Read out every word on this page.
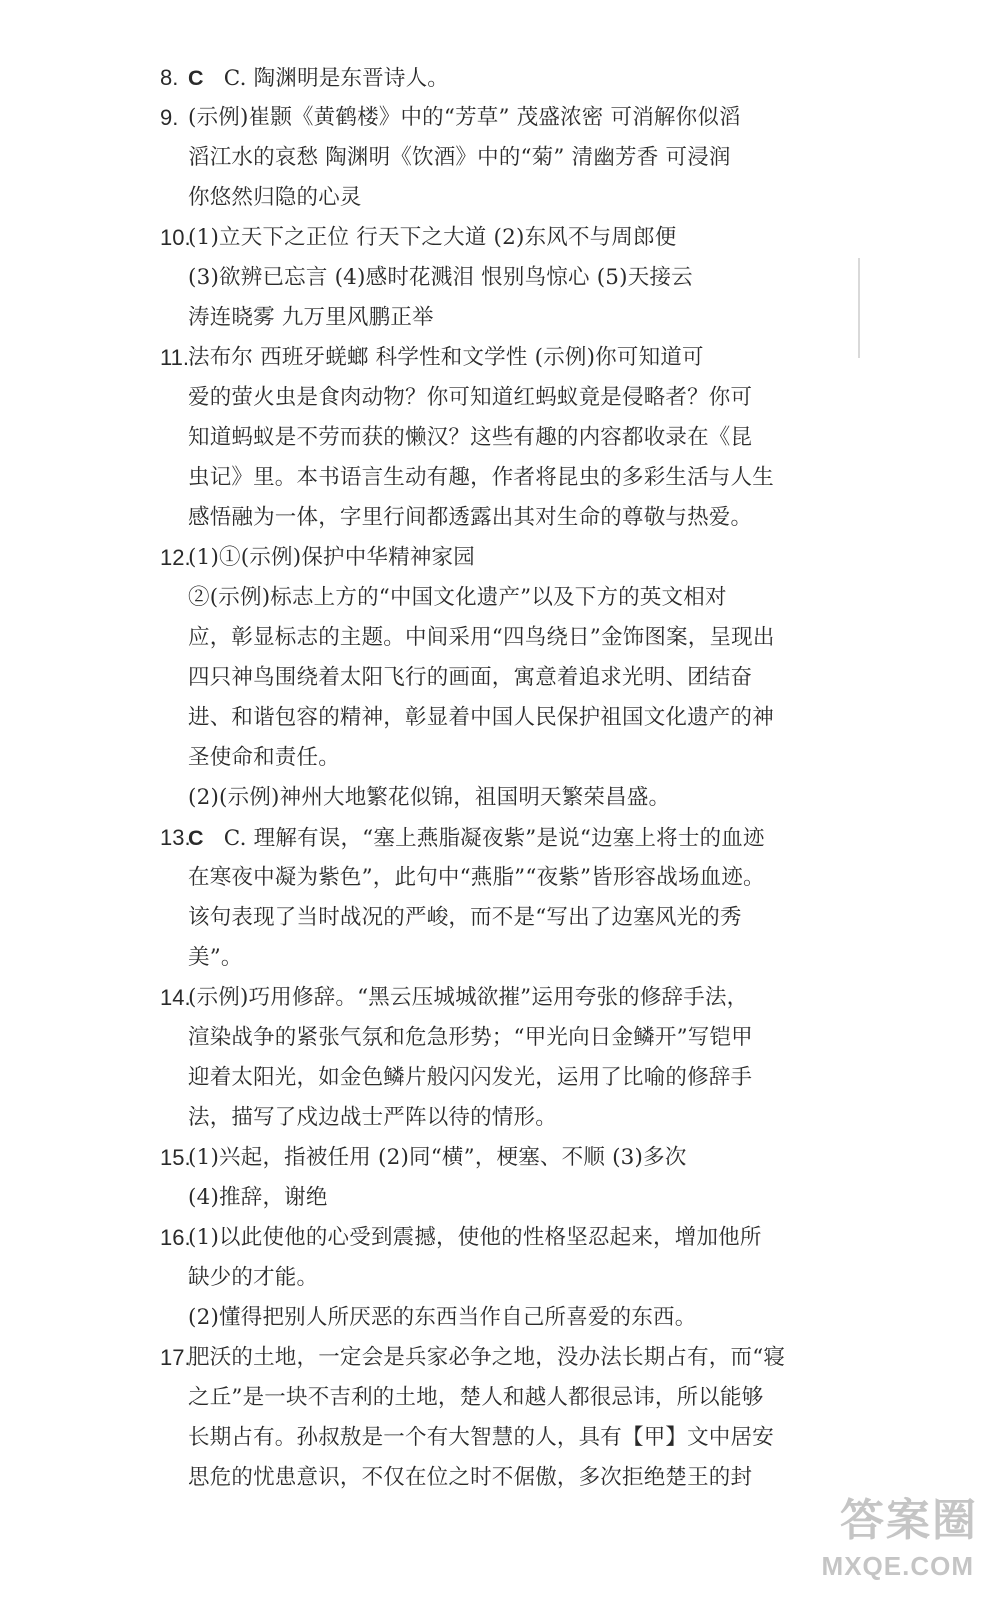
8. C C. 陶渊明是东晋诗人。
9. (示例)崔颢《黄鹤楼》中的“芳草” 茂盛浓密 可消解你似滔
滔江水的哀愁 陶渊明《饮酒》中的“菊” 清幽芳香 可浸润
你悠然归隐的心灵
10.
(1)立天下之正位 行天下之大道 (2)东风不与周郎便
(3)欲辨已忘言 (4)感时花溅泪 恨别鸟惊心 (5)天接云
涛连晓雾 九万里风鹏正举
11. 法布尔 西班牙蜣螂 科学性和文学性 (示例)你可知道可
爱的萤火虫是食肉动物？你可知道红蚂蚁竟是侵略者？你可
知道蚂蚁是不劳而获的懒汉？这些有趣的内容都收录在《昆
虫记》里。本书语言生动有趣，作者将昆虫的多彩生活与人生
感悟融为一体，字里行间都透露出其对生命的尊敬与热爱。
12.
(1)①(示例)保护中华精神家园
②(示例)标志上方的“中国文化遗产”以及下方的英文相对
应，彰显标志的主题。中间采用“四鸟绕日”金饰图案，呈现出
四只神鸟围绕着太阳飞行的画面，寓意着追求光明、团结奋
进、和谐包容的精神，彰显着中国人民保护祖国文化遗产的神
圣使命和责任。
(2)(示例)神州大地繁花似锦，祖国明天繁荣昌盛。
13.
C C. 理解有误，“塞上燕脂凝夜紫”是说“边塞上将士的血迹
在寒夜中凝为紫色”，此句中“燕脂”“夜紫”皆形容战场血迹。
该句表现了当时战况的严峻，而不是“写出了边塞风光的秀
美”。
14.
(示例)巧用修辞。“黑云压城城欲摧”运用夸张的修辞手法，
渲染战争的紧张气氛和危急形势；“甲光向日金鳞开”写铠甲
迎着太阳光，如金色鳞片般闪闪发光，运用了比喻的修辞手
法，描写了戍边战士严阵以待的情形。
15.
(1)兴起，指被任用 (2)同“横”，梗塞、不顺 (3)多次
(4)推辞，谢绝
16.
(1)以此使他的心受到震撼，使他的性格坚忍起来，增加他所
缺少的才能。
(2)懂得把别人所厌恶的东西当作自己所喜爱的东西。
17.
肥沃的土地，一定会是兵家必争之地，没办法长期占有，而“寝
之丘”是一块不吉利的土地，楚人和越人都很忌讳，所以能够
长期占有。孙叔敖是一个有大智慧的人，具有【甲】文中居安
思危的忧患意识，不仅在位之时不倨傲，多次拒绝楚王的封
答案圈
MXQE.COM
